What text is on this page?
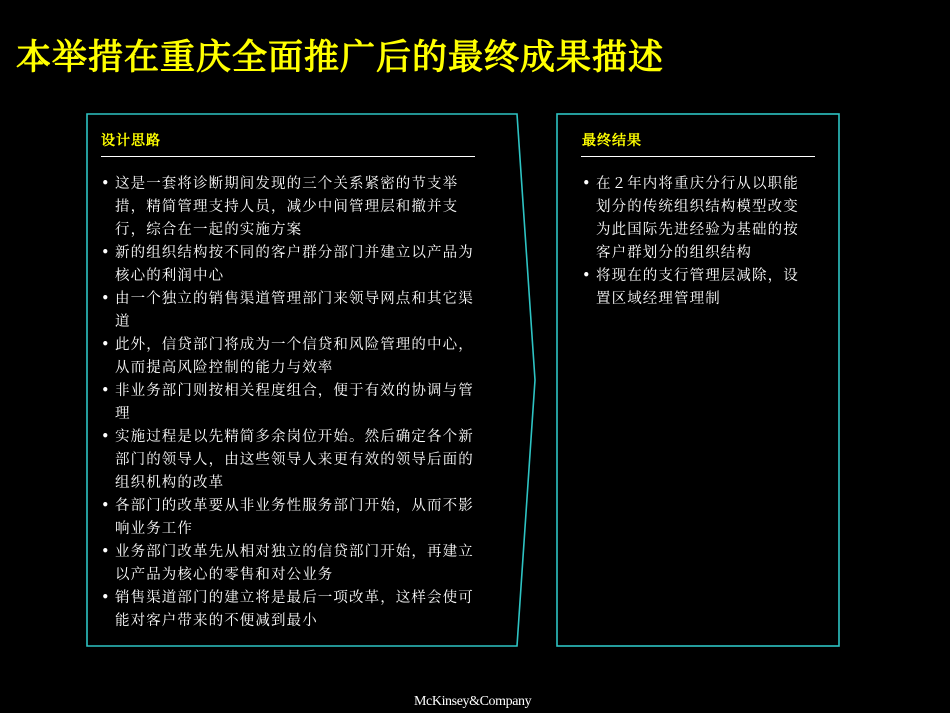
本举措在重庆全面推广后的最终成果描述
设计思路
• 这是一套将诊断期间发现的三个关系紧密的节支举措，精简管理支持人员，减少中间管理层和撤并支行，综合在一起的实施方案
• 新的组织结构按不同的客户群分部门并建立以产品为核心的利润中心
• 由一个独立的销售渠道管理部门来领导网点和其它渠道
• 此外，信贷部门将成为一个信贷和风险管理的中心，从而提高风险控制的能力与效率
• 非业务部门则按相关程度组合，便于有效的协调与管理
• 实施过程是以先精简多余岗位开始。然后确定各个新部门的领导人，由这些领导人来更有效的领导后面的组织机构的改革
• 各部门的改革要从非业务性服务部门开始，从而不影响业务工作
• 业务部门改革先从相对独立的信贷部门开始，再建立以产品为核心的零售和对公业务
• 销售渠道部门的建立将是最后一项改革，这样会使可能对客户带来的不便减到最小
最终结果
• 在２年内将重庆分行从以职能划分的传统组织结构模型改变为此国际先进经验为基础的按客户群划分的组织结构
• 将现在的支行管理层减除，设置区域经理管理制
McKinsey&Company
